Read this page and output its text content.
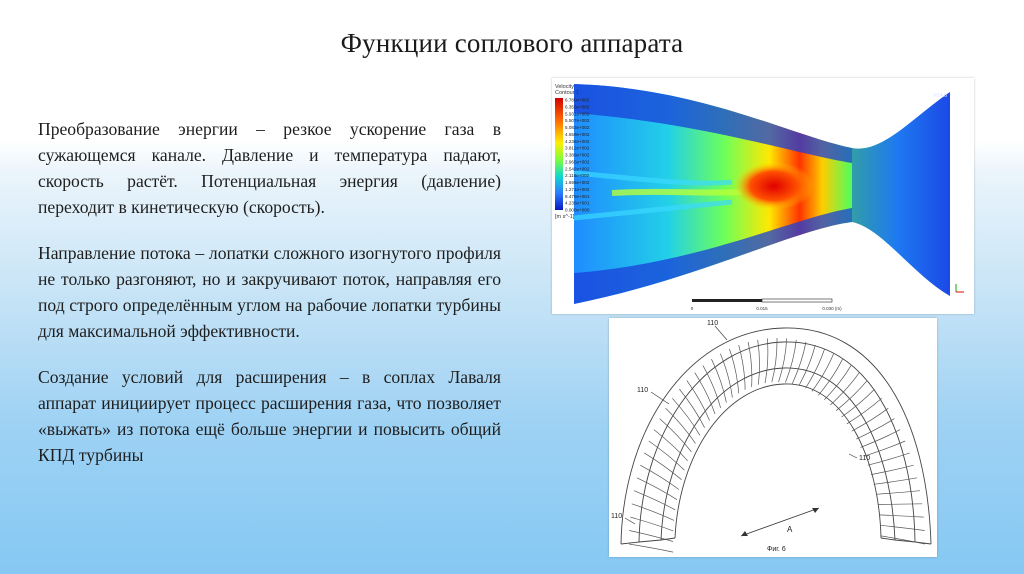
Функции соплового аппарата

Преобразование энергии – резкое ускорение газа в сужающемся канале. Давление и температура падают, скорость растёт. Потенциальная энергия (давление) переходит в кинетическую (скорость).

Направление потока – лопатки сложного изогнутого профиля не только разгоняют, но и закручивают поток, направляя его под строго определённым углом на рабочие лопатки турбины для максимальной эффективности.

Создание условий для расширения – в соплах Лаваля аппарат инициирует процесс расширения газа, что позволяет «выжать» из потока ещё больше энергии и повысить общий КПД турбины

Velocity
Contour 1
6.780e+002
6.355e+002
5.931e+002
5.507e+002
5.083e+002
4.659e+002
4.236e+002
3.812e+002
3.389e+002
2.965e+002
2.542e+002
2.118e+002
1.695e+002
1.271e+002
8.475e+001
4.238e+001
0.000e+000
[m s^-1]
ANSYS
R14.5
0	0.015	0.030 (m)
110
110
110
110
A
Фиг. 6
